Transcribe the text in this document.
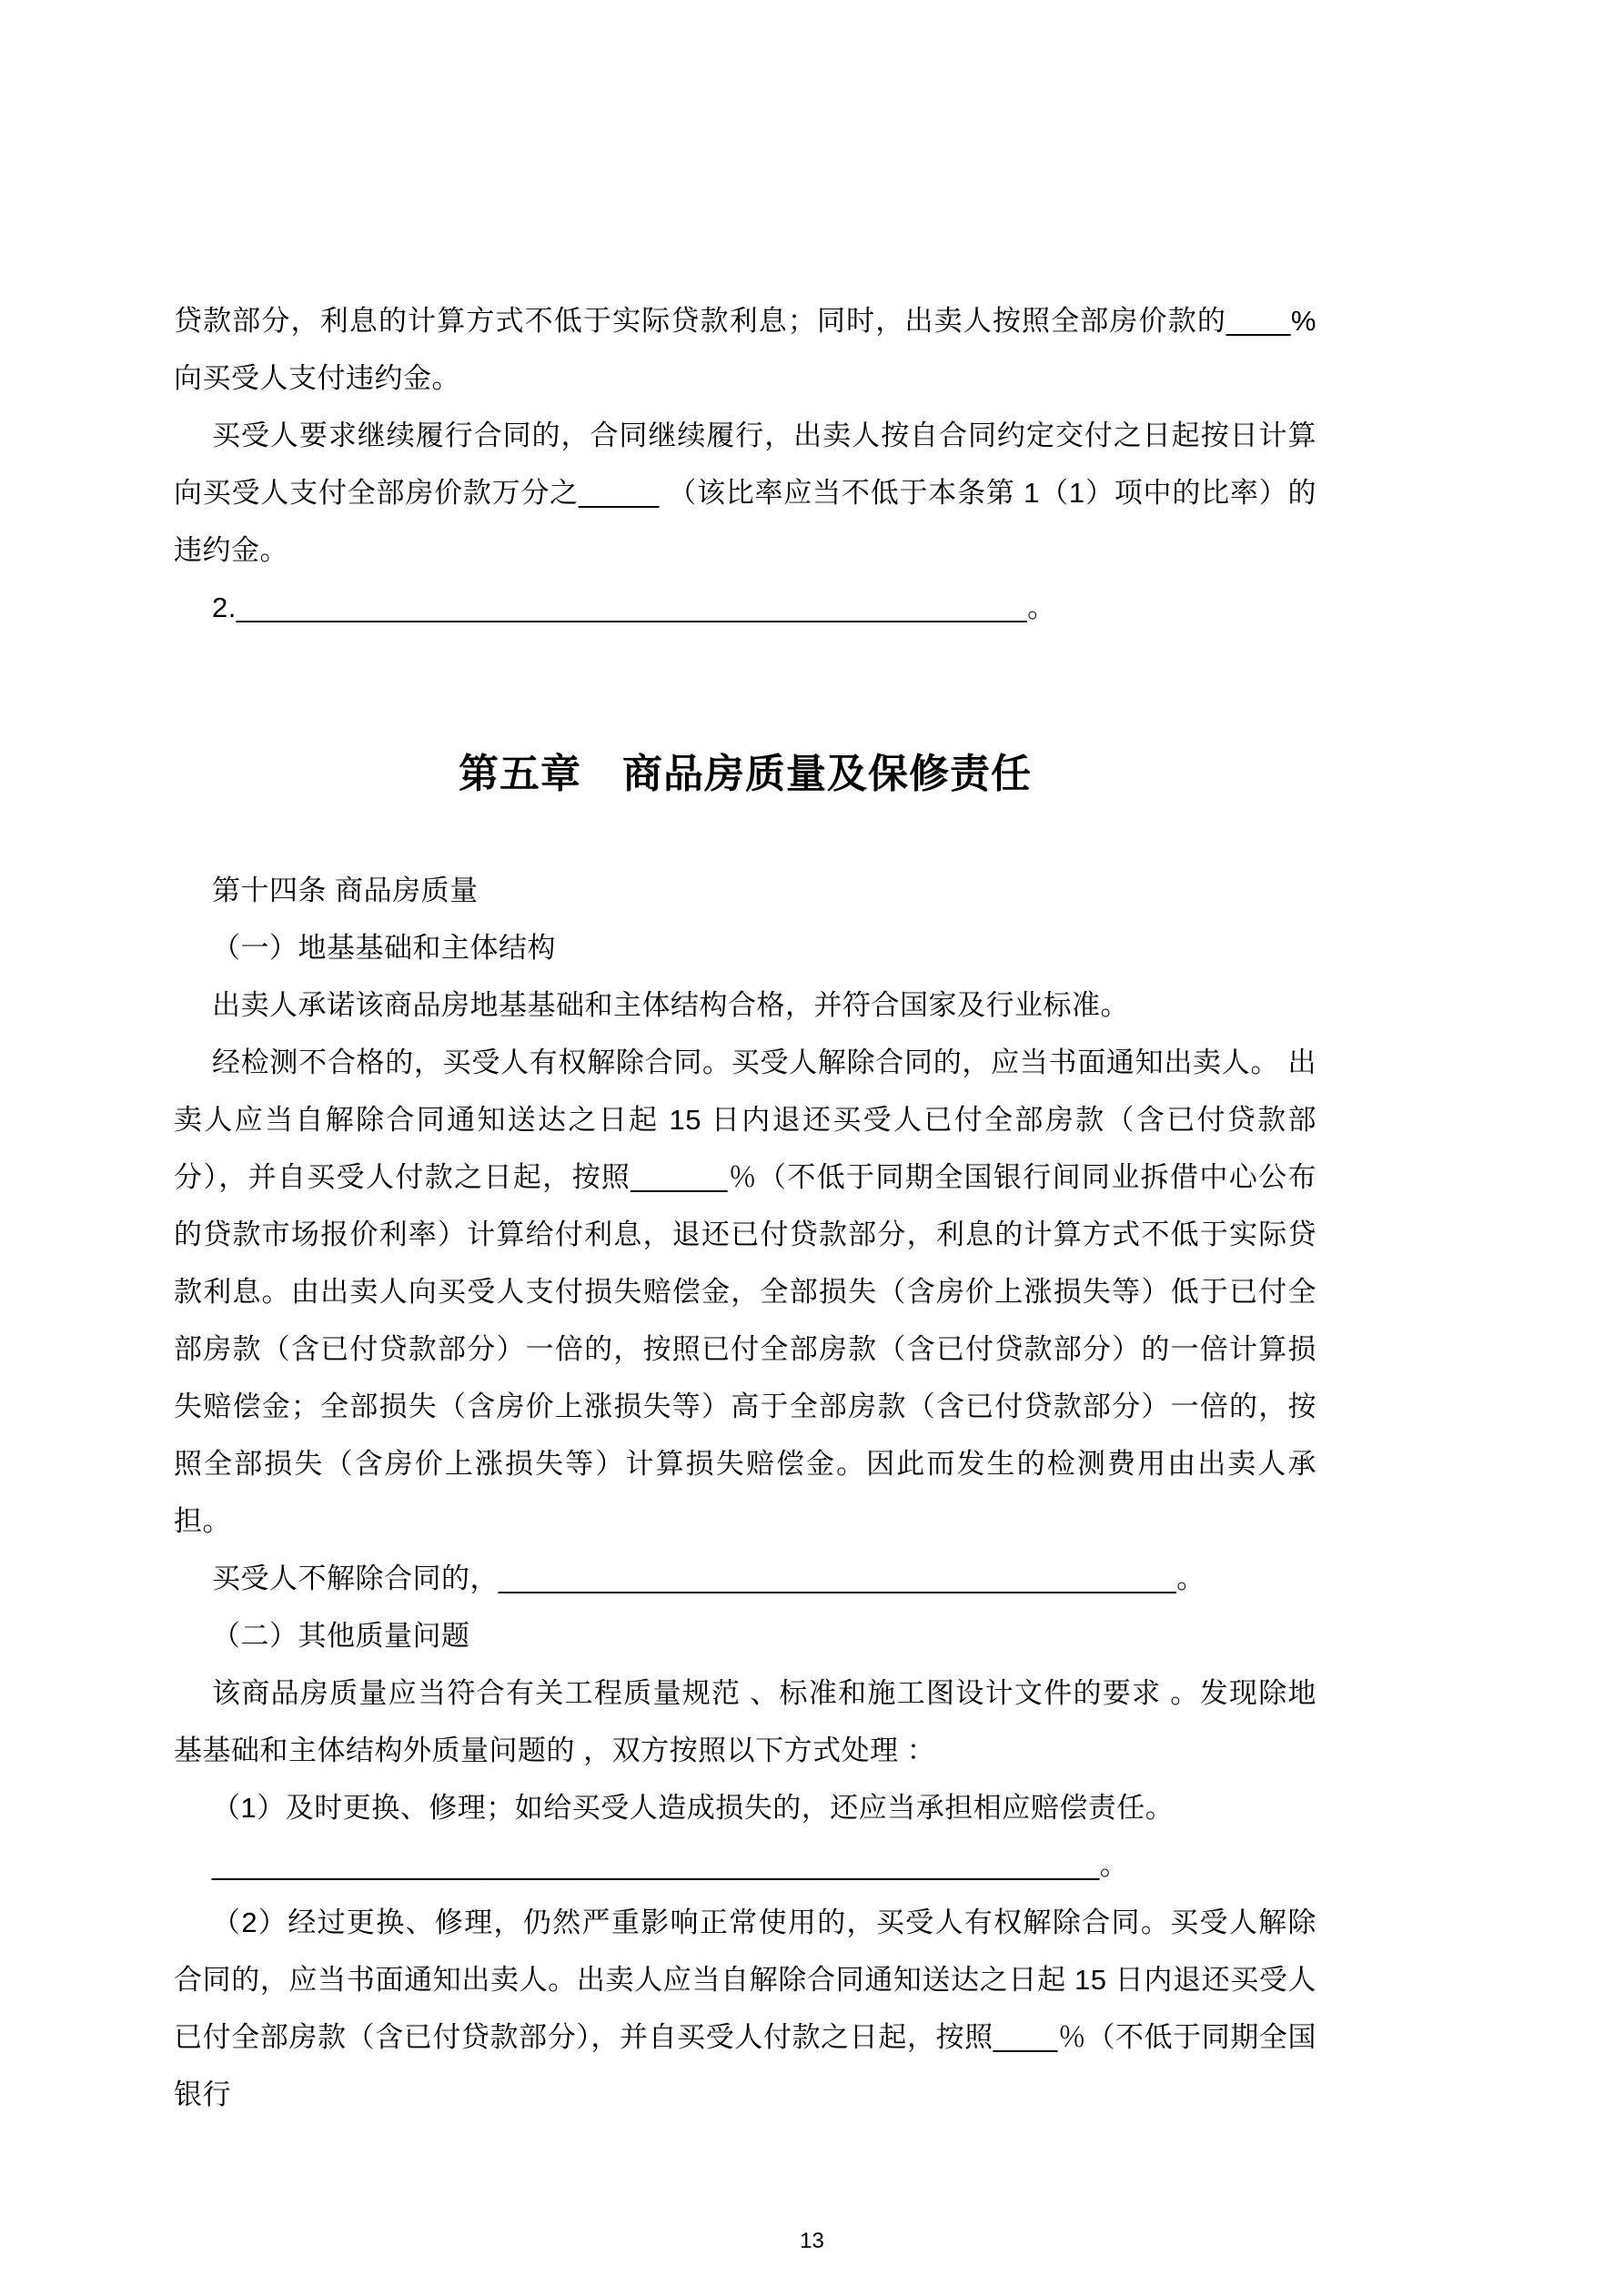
贷款部分，利息的计算方式不低于实际贷款利息；同时，出卖人按照全部房价款的____%向买受人支付违约金。

买受人要求继续履行合同的，合同继续履行，出卖人按自合同约定交付之日起按日计算向买受人支付全部房价款万分之_____ （该比率应当不低于本条第 1（1）项中的比率）的违约金。

2._________________________________________________。

第五章　商品房质量及保修责任

第十四条 商品房质量

（一）地基基础和主体结构

出卖人承诺该商品房地基基础和主体结构合格，并符合国家及行业标准。

经检测不合格的，买受人有权解除合同。买受人解除合同的，应当书面通知出卖人。 出卖人应当自解除合同通知送达之日起 15 日内退还买受人已付全部房款（含已付贷款部分），并自买受人付款之日起，按照______％（不低于同期全国银行间同业拆借中心公布的贷款市场报价利率）计算给付利息，退还已付贷款部分，利息的计算方式不低于实际贷款利息。由出卖人向买受人支付损失赔偿金，全部损失（含房价上涨损失等）低于已付全部房款（含已付贷款部分）一倍的，按照已付全部房款（含已付贷款部分）的一倍计算损失赔偿金；全部损失（含房价上涨损失等）高于全部房款（含已付贷款部分）一倍的，按照全部损失（含房价上涨损失等）计算损失赔偿金。因此而发生的检测费用由出卖人承担。

买受人不解除合同的，__________________________________________。

（二）其他质量问题

该商品房质量应当符合有关工程质量规范 、标准和施工图设计文件的要求 。发现除地基基础和主体结构外质量问题的 ，双方按照以下方式处理 ：

（1）及时更换、修理；如给买受人造成损失的，还应当承担相应赔偿责任。

_______________________________________________________。

（2）经过更换、修理，仍然严重影响正常使用的，买受人有权解除合同。买受人解除合同的，应当书面通知出卖人。出卖人应当自解除合同通知送达之日起 15 日内退还买受人已付全部房款（含已付贷款部分），并自买受人付款之日起，按照____％（不低于同期全国银行

13
